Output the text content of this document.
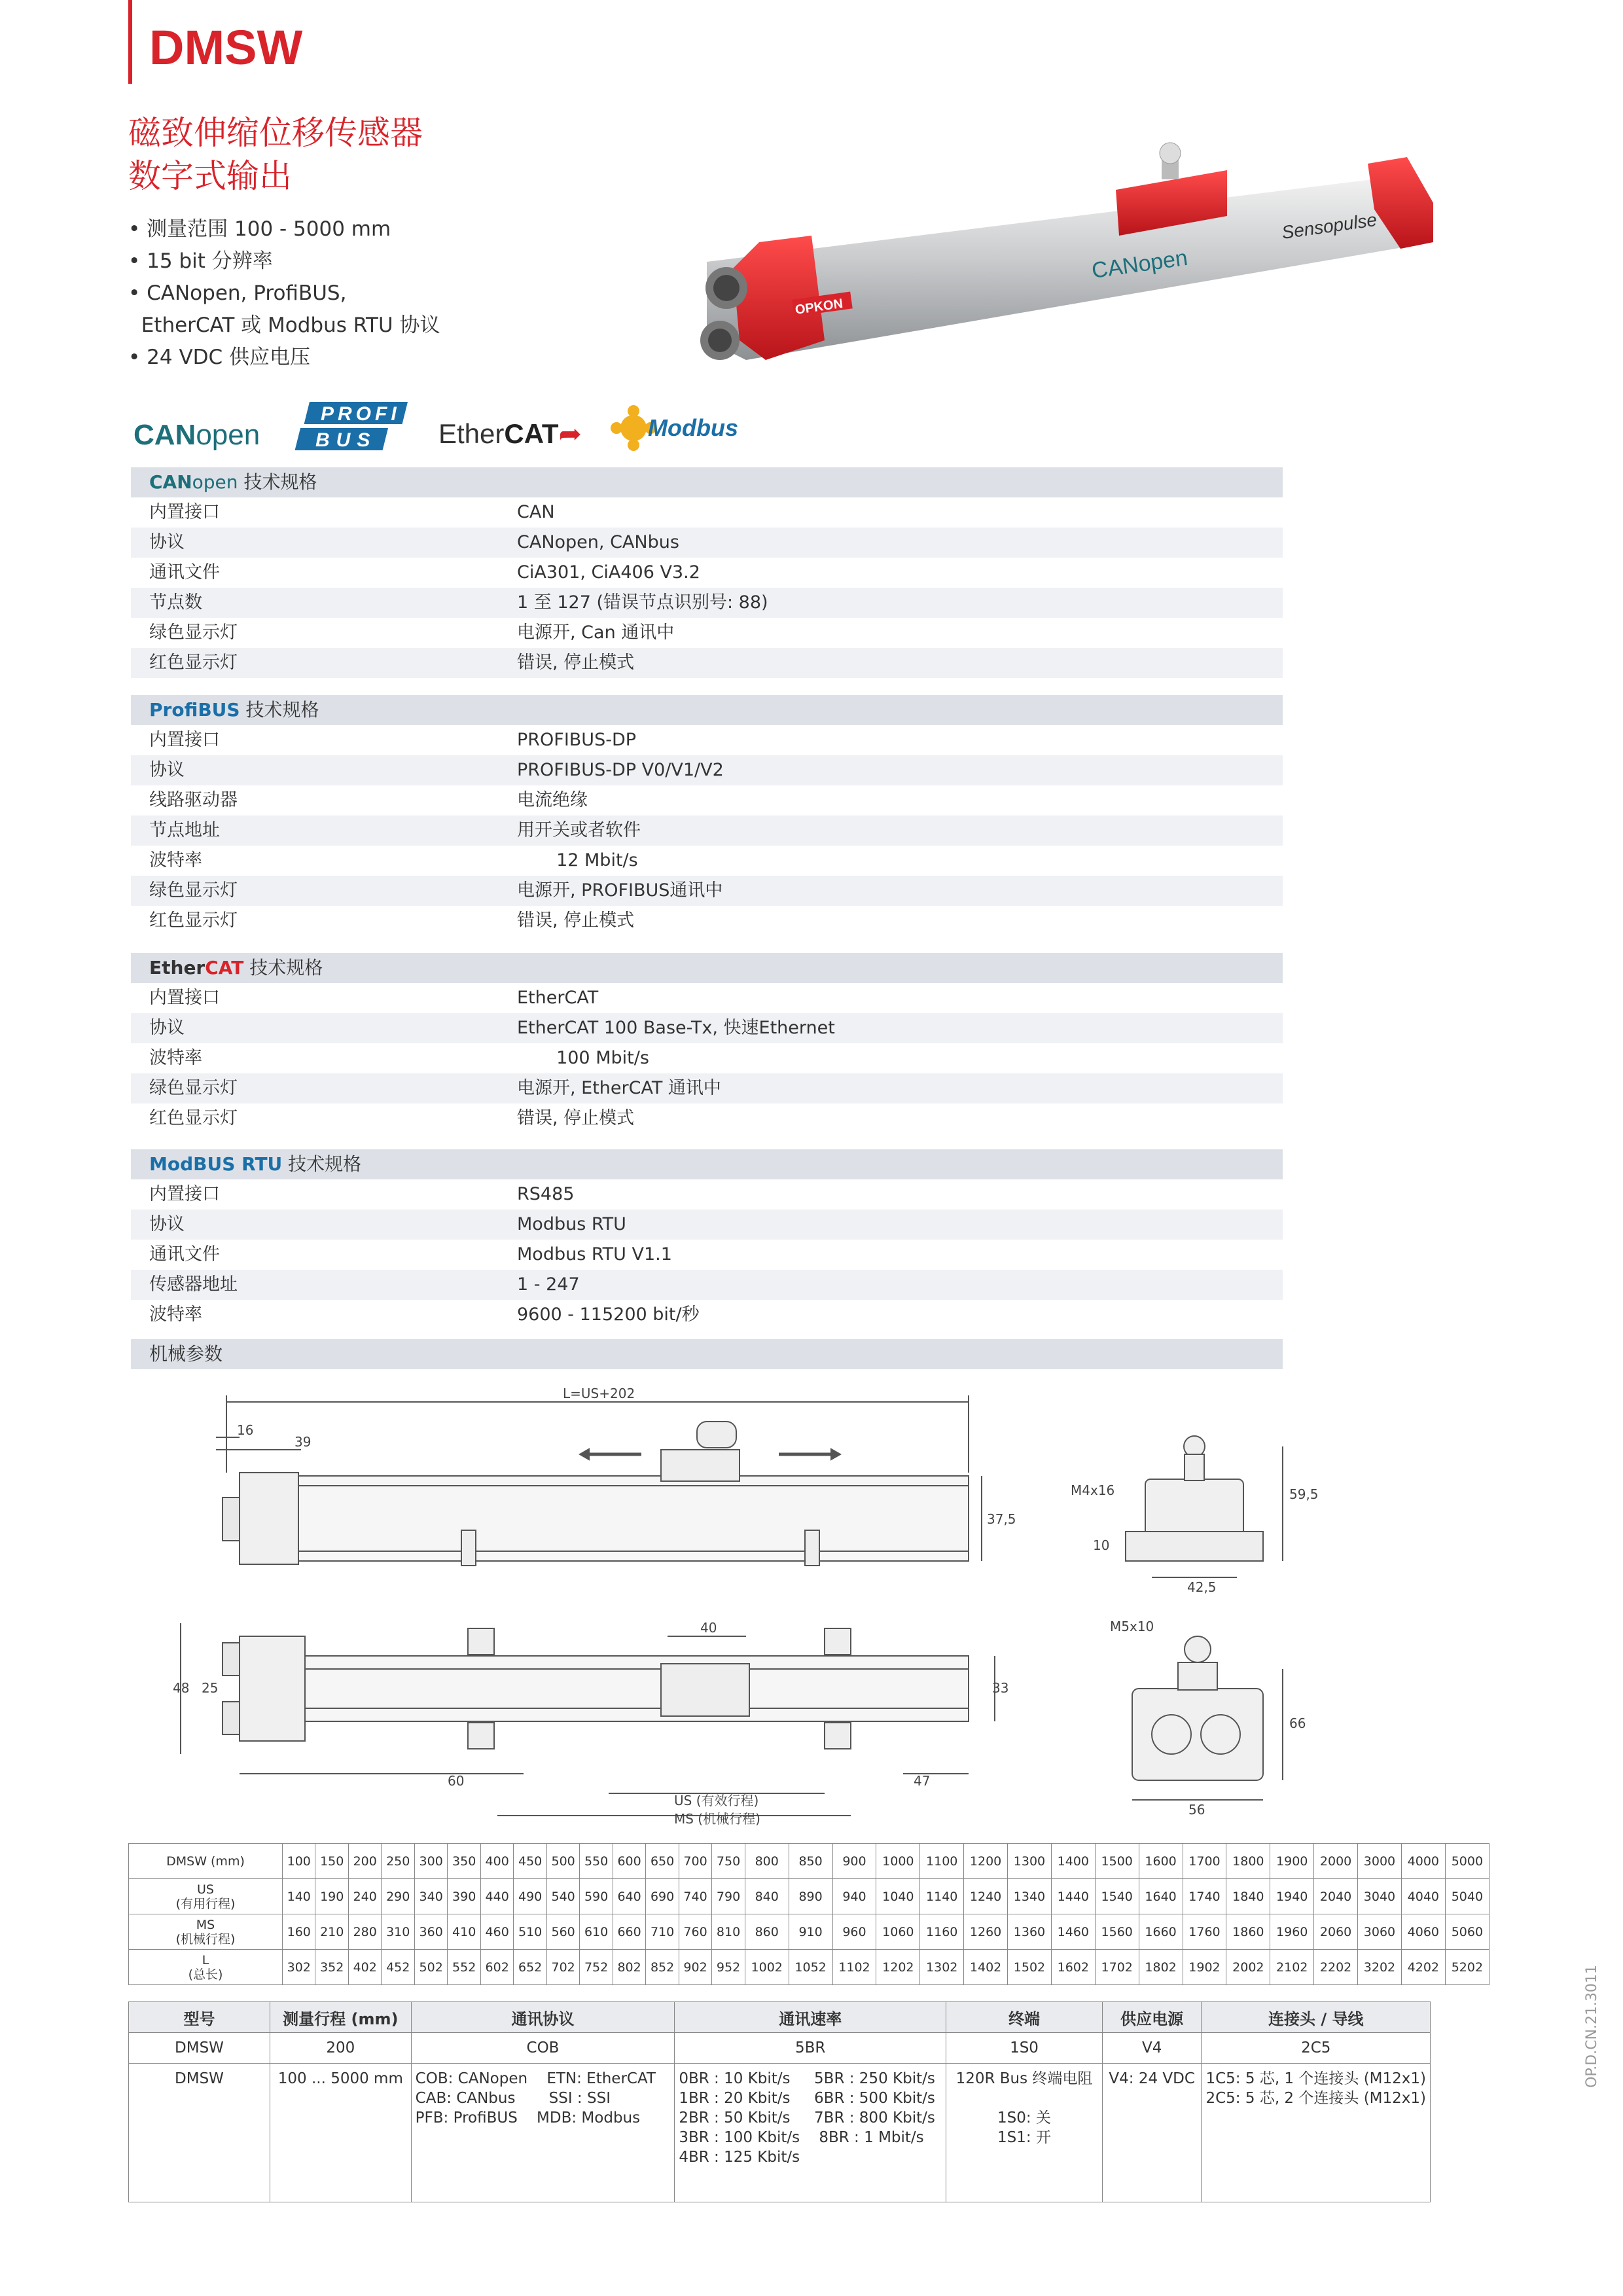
DMSW
磁致伸缩位移传感器
数字式输出
• 测量范围 100 - 5000 mm
• 15 bit 分辨率
• CANopen, ProfiBUS,
EtherCAT 或 Modbus RTU 协议
• 24 VDC 供应电压
CANopen
PROFI
BUS EtherCAT➦	Modbus
OPKON
CANopen
Sensopulse
CANopen 技术规格
内置接口	CAN
协议	CANopen, CANbus
通讯文件	CiA301, CiA406 V3.2
节点数	1 至 127 (错误节点识别号: 88)
绿色显示灯	电源开, Can 通讯中
红色显示灯	错误, 停止模式
ProfiBUS 技术规格
内置接口	PROFIBUS-DP
协议	PROFIBUS-DP V0/V1/V2
线路驱动器	电流绝缘
节点地址	用开关或者软件
波特率	12 Mbit/s
绿色显示灯	电源开, PROFIBUS通讯中
红色显示灯	错误, 停止模式
EtherCAT 技术规格
内置接口	EtherCAT
协议	EtherCAT 100 Base-Tx, 快速Ethernet
波特率	100 Mbit/s
绿色显示灯	电源开, EtherCAT 通讯中
红色显示灯	错误, 停止模式
ModBUS RTU 技术规格
内置接口	RS485
协议	Modbus RTU
通讯文件	Modbus RTU V1.1
传感器地址	1 - 247
波特率	9600 - 115200 bit/秒
机械参数
L=US+202
39
16
37,5
M4x16	59,5
10
42,5
M5x10
40
48 25	33
60	47
66
56
US (有效行程)
MS (机械行程)
DMSW (mm)	100	150	200	250	300	350	400	450	500	550	600	650	700	750	800	850	900	1000	1100	1200	1300	1400	1500	1600	1700	1800	1900	2000	3000	4000	5000

US
(有用行程)	140	190	240	290	340	390	440	490	540	590	640	690	740	790	840	890	940	1040	1140	1240	1340	1440	1540	1640	1740	1840	1940	2040	3040	4040	5040

MS
(机械行程)	160	210	280	310	360	410	460	510	560	610	660	710	760	810	860	910	960	1060	1160	1260	1360	1460	1560	1660	1760	1860	1960	2060	3060	4060	5060

L
(总长)	302	352	402	452	502	552	602	652	702	752	802	852	902	952	1002	1052	1102	1202	1302	1402	1502	1602	1702	1802	1902	2002	2102	2202	3202	4202	5202
型号	测量行程 (mm)	通讯协议	通讯速率	终端	供应电源	连接头 / 导线
DMSW	200	COB	5BR	1S0	V4	2C5
DMSW	100 ... 5000 mm	COB: CANopen    ETN: EtherCAT
CAB: CANbus       SSI : SSI
PFB: ProfiBUS    MDB: Modbus	0BR : 10 Kbit/s     5BR : 250 Kbit/s
1BR : 20 Kbit/s     6BR : 500 Kbit/s
2BR : 50 Kbit/s     7BR : 800 Kbit/s
3BR : 100 Kbit/s    8BR : 1 Mbit/s
4BR : 125 Kbit/s	120R Bus 终端电阻

1S0: 关
1S1: 开	V4: 24 VDC	1C5: 5 芯, 1 个连接头 (M12x1)
2C5: 5 芯, 2 个连接头 (M12x1)
OP.D.CN.21.3011
